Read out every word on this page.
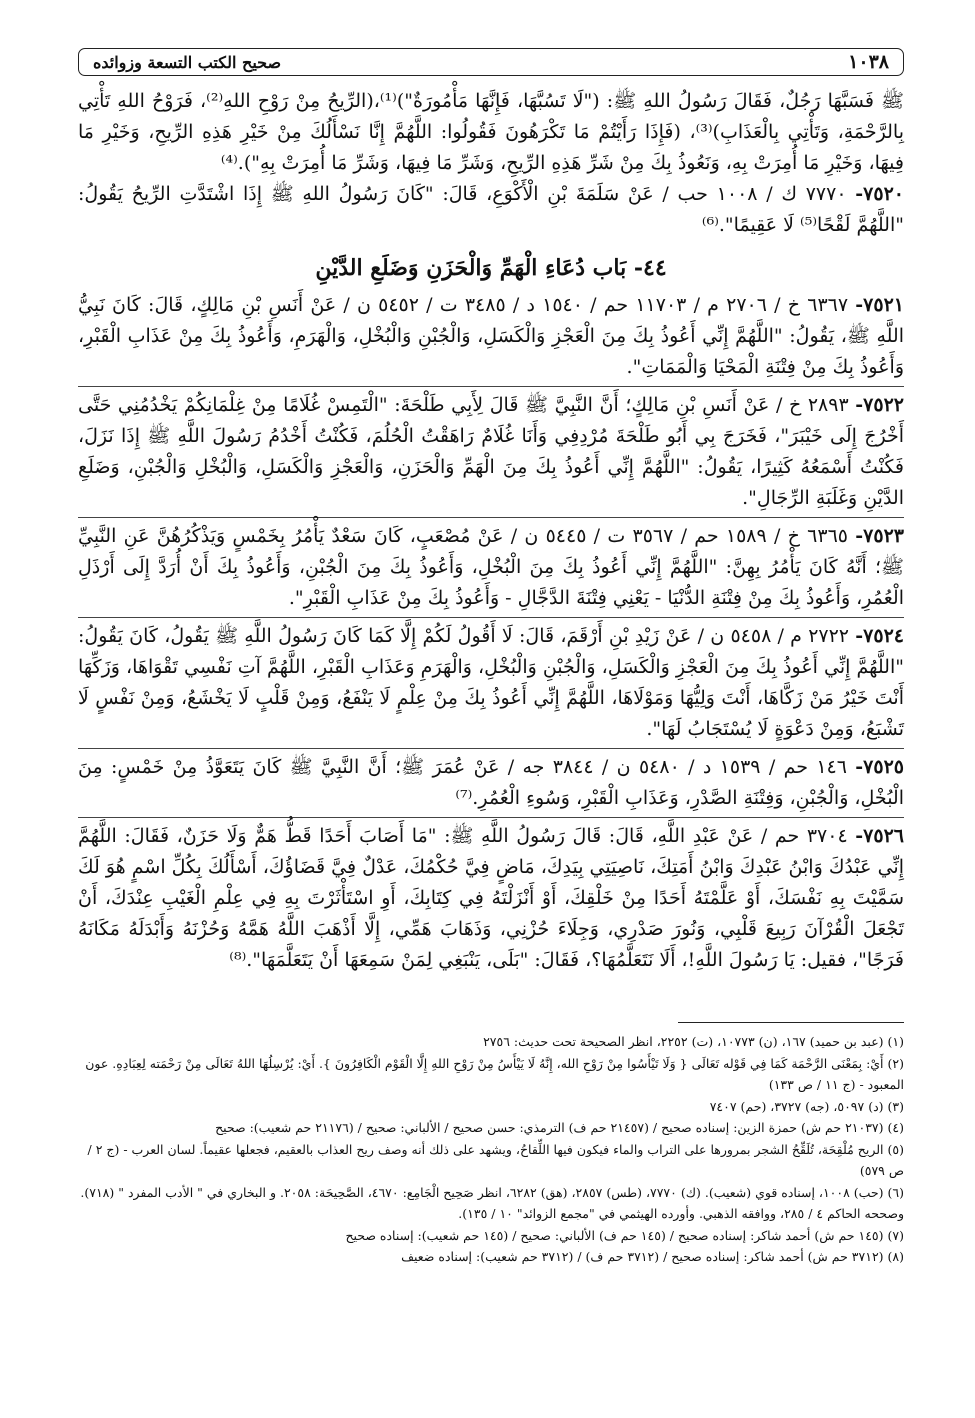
١٠٣٨
صحيح الكتب التسعة وزوائده

ﷺ فَسَبَّهَا رَجُلٌ، فَقَالَ رَسُولُ اللهِ ﷺ: ("لَا تَسُبَّهَا، فَإِنَّهَا مَأْمُورَةٌ")⁽¹⁾،(الرِّيحُ مِنْ رَوْحِ اللهِ⁽²⁾، فَرَوْحُ اللهِ تَأْتِي بِالرَّحْمَةِ، وَتَأْتِي بِالْعَذَابِ)⁽³⁾، (فَإِذَا رَأَيْتُمْ مَا تَكْرَهُونَ فَقُولُوا: اللَّهُمَّ إِنَّا نَسْأَلُكَ مِنْ خَيْرِ هَذِهِ الرِّيحِ، وَخَيْرِ مَا فِيهَا، وَخَيْرِ مَا أُمِرَتْ بِهِ، وَنَعُوذُ بِكَ مِنْ شَرِّ هَذِهِ الرِّيحِ، وَشَرِّ مَا فِيهَا، وَشَرِّ مَا أُمِرَتْ بِهِ").⁽⁴⁾

٧٥٢٠- ٧٧٧٠ ك / ١٠٠٨ حب / عَنْ سَلَمَةَ بْنِ الْأَكْوَعِ، قَالَ: "كَانَ رَسُولُ اللهِ ﷺ إِذَا اشْتَدَّتِ الرِّيحُ يَقُولُ: "اللَّهُمَّ لَقْحًا⁽⁵⁾ لَا عَقِيمًا".⁽⁶⁾

٤٤- بَاب دُعَاءِ الْهَمِّ وَالْحَزَنِ وَضَلَعِ الدَّيْنِ

٧٥٢١- ٦٣٦٧ خ / ٢٧٠٦ م / ١١٧٠٣ حم / ١٥٤٠ د / ٣٤٨٥ ت / ٥٤٥٢ ن / عَنْ أَنَسِ بْنِ مَالِكٍ، قَالَ: كَانَ نَبِيُّ اللَّهِ ﷺ، يَقُولُ: "اللَّهُمَّ إِنِّي أَعُوذُ بِكَ مِنَ الْعَجْزِ وَالْكَسَلِ، وَالْجُبْنِ وَالْبُخْلِ، وَالْهَرَمِ، وَأَعُوذُ بِكَ مِنْ عَذَابِ الْقَبْرِ، وَأَعُوذُ بِكَ مِنْ فِتْنَةِ الْمَحْيَا وَالْمَمَاتِ".

٧٥٢٢- ٢٨٩٣ خ / عَنْ أَنَسِ بْنِ مَالِكٍ؛ أَنَّ النَّبِيَّ ﷺ قَالَ لِأَبِي طَلْحَةَ: "الْتَمِسْ غُلَامًا مِنْ غِلْمَانِكُمْ يَخْدُمُنِي حَتَّى أَخْرُجَ إِلَى خَيْبَرَ"، فَخَرَجَ بِي أَبُو طَلْحَةَ مُرْدِفِي وَأَنَا غُلَامٌ رَاهَقْتُ الْحُلُمَ، فَكُنْتُ أَخْدُمُ رَسُولَ اللَّهِ ﷺ إِذَا نَزَلَ، فَكُنْتُ أَسْمَعُهُ كَثِيرًا، يَقُولُ: "اللَّهُمَّ إِنِّي أَعُوذُ بِكَ مِنَ الْهَمِّ وَالْحَزَنِ، وَالْعَجْزِ وَالْكَسَلِ، وَالْبُخْلِ وَالْجُبْنِ، وَضَلَعِ الدَّيْنِ وَغَلَبَةِ الرِّجَالِ".

٧٥٢٣- ٦٣٦٥ خ / ١٥٨٩ حم / ٣٥٦٧ ت / ٥٤٤٥ ن / عَنْ مُصْعَبٍ، كَانَ سَعْدٌ يَأْمُرُ بِخَمْسٍ وَيَذْكُرُهُنَّ عَنِ النَّبِيِّ ﷺ؛ أَنَّهُ كَانَ يَأْمُرُ بِهِنَّ: "اللَّهُمَّ إِنِّي أَعُوذُ بِكَ مِنَ الْبُخْلِ، وَأَعُوذُ بِكَ مِنَ الْجُبْنِ، وَأَعُوذُ بِكَ أَنْ أُرَدَّ إِلَى أَرْذَلِ الْعُمُرِ، وَأَعُوذُ بِكَ مِنْ فِتْنَةِ الدُّنْيَا - يَعْنِي فِتْنَةَ الدَّجَّالِ - وَأَعُوذُ بِكَ مِنْ عَذَابِ الْقَبْرِ".

٧٥٢٤- ٢٧٢٢ م / ٥٤٥٨ ن / عَنْ زَيْدِ بْنِ أَرْقَمَ، قَالَ: لَا أَقُولُ لَكُمْ إِلَّا كَمَا كَانَ رَسُولُ اللَّهِ ﷺ يَقُولُ، كَانَ يَقُولُ: "اللَّهُمَّ إِنِّي أَعُوذُ بِكَ مِنَ الْعَجْزِ وَالْكَسَلِ، وَالْجُبْنِ وَالْبُخْلِ، وَالْهَرَمِ وَعَذَابِ الْقَبْرِ، اللَّهُمَّ آتِ نَفْسِي تَقْوَاهَا، وَزَكِّهَا أَنْتَ خَيْرُ مَنْ زَكَّاهَا، أَنْتَ وَلِيُّهَا وَمَوْلَاهَا، اللَّهُمَّ إِنِّي أَعُوذُ بِكَ مِنْ عِلْمٍ لَا يَنْفَعُ، وَمِنْ قَلْبٍ لَا يَخْشَعُ، وَمِنْ نَفْسٍ لَا تَشْبَعُ، وَمِنْ دَعْوَةٍ لَا يُسْتَجَابُ لَهَا".

٧٥٢٥- ١٤٦ حم / ١٥٣٩ د / ٥٤٨٠ ن / ٣٨٤٤ جه / عَنْ عُمَرَ ﷺ؛ أَنَّ النَّبِيَّ ﷺ كَانَ يَتَعَوَّذُ مِنْ خَمْسٍ: مِنَ الْبُخْلِ، وَالْجُبْنِ، وَفِتْنَةِ الصَّدْرِ، وَعَذَابِ الْقَبْرِ، وَسُوءِ الْعُمُرِ.⁽⁷⁾

٧٥٢٦- ٣٧٠٤ حم / عَنْ عَبْدِ اللَّهِ، قَالَ: قَالَ رَسُولُ اللَّهِ ﷺ: "مَا أَصَابَ أَحَدًا قَطُّ هَمٌّ وَلَا حَزَنٌ، فَقَالَ: اللَّهُمَّ إِنِّي عَبْدُكَ وَابْنُ عَبْدِكَ وَابْنُ أَمَتِكَ، نَاصِيَتِي بِيَدِكَ، مَاضٍ فِيَّ حُكْمُكَ، عَدْلٌ فِيَّ قَضَاؤُكَ، أَسْأَلُكَ بِكُلِّ اسْمٍ هُوَ لَكَ سَمَّيْتَ بِهِ نَفْسَكَ، أَوْ عَلَّمْتَهُ أَحَدًا مِنْ خَلْقِكَ، أَوْ أَنْزَلْتَهُ فِي كِتَابِكَ، أَوِ اسْتَأْثَرْتَ بِهِ فِي عِلْمِ الْغَيْبِ عِنْدَكَ، أَنْ تَجْعَلَ الْقُرْآنَ رَبِيعَ قَلْبِي، وَنُورَ صَدْرِي، وَجِلَاءَ حُزْنِي، وَذَهَابَ هَمِّي، إِلَّا أَذْهَبَ اللَّهُ هَمَّهُ وَحُزْنَهُ وَأَبْدَلَهُ مَكَانَهُ فَرَجًا"، فقيل: يَا رَسُولَ اللَّهِ!، أَلَا نَتَعَلَّمُهَا؟، فَقَالَ: "بَلَى، يَنْبَغِي لِمَنْ سَمِعَهَا أَنْ يَتَعَلَّمَهَا".⁽⁸⁾

(١) (عبد بن حميد) ١٦٧، (ن) ١٠٧٧٣، (ت) ٢٢٥٢، انظر الصحيحة تحت حديث: ٢٧٥٦

(٢) أَيْ: بِمَعْنَى الرَّحْمَة كَمَا فِي قَوْله تَعَالَى { وَلَا تَيْأَسُوا مِنْ رَوْحِ الله، إِنَّهُ لَا يَيْأَسُ مِنْ رَوْحِ اللهِ إِلَّا الْقَوْم الْكَافِرُونَ }. أَيْ: يُرْسِلُهَا اللهُ تَعَالَى مِنْ رَحْمَته لِعِبَادِهِ. عون المعبود - (ج ١١ / ص ١٣٣)

(٣) (د) ٥٠٩٧، (جه) ٣٧٢٧، (حم) ٧٤٠٧

(٤) (٢١٠٣٧ حم ش) حمزة الزين: إسناده صحيح / (٢١٤٥٧ حم ف) الترمذي: حسن صحيح / الألباني: صحيح / (٢١١٧٦ حم شعيب): صحيح

(٥) الريح مُلْقِحَة، تُلَقِّحُ الشجر بمرورها على التراب والماء فيكون فيها اللِّقاحُ، ويشهد على ذلك أنه وصف ريح العذاب بالعقيم، فجعلها عقيماً. لسان العرب - (ج ٢ / ص ٥٧٩)

(٦) (حب) ١٠٠٨، إسناده قوي (شعيب). (ك) ٧٧٧٠، (طس) ٢٨٥٧، (هق) ٦٢٨٢، انظر صَحِيح الْجَامِع: ٤٦٧٠، الصَّحِيحَة: ٢٠٥٨. و البخاري في " الأدب المفرد " (٧١٨). وصححه الحاكم ٤ / ٢٨٥، ووافقه الذهبي. وأورده الهيثمي في "مجمع الزوائد" ١٠ / ١٣٥).

(٧) (١٤٥ حم ش) أحمد شاكر: إسناده صحيح / (١٤٥ حم ف) الألباني: صحيح / (١٤٥ حم شعيب): إسناده صحيح

(٨) (٣٧١٢ حم ش) أحمد شاكر: إسناده صحيح / (٣٧١٢ حم ف) / (٣٧١٢ حم شعيب): إسناده ضعيف
